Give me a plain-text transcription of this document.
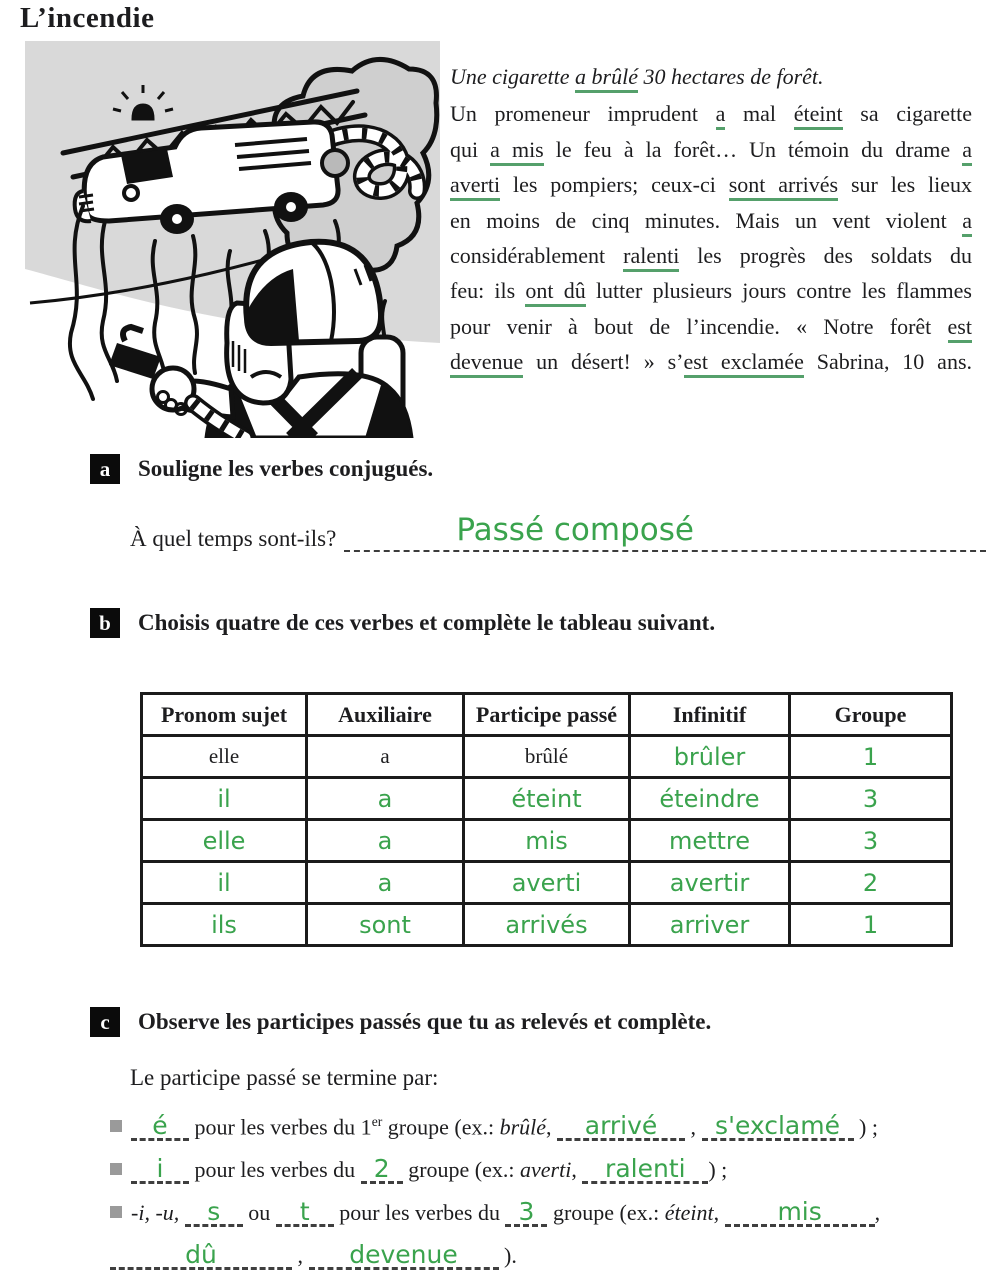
L’incendie
Une cigarette a brûlé 30 hectares de forêt.
Un promeneur imprudent a mal éteint sa cigarette
qui a mis le feu à la forêt… Un témoin du drame a
averti les pompiers; ceux-ci sont arrivés sur les lieux
en moins de cinq minutes. Mais un vent violent a
considérablement ralenti les progrès des soldats du
feu: ils ont dû lutter plusieurs jours contre les flammes
pour venir à bout de l’incendie. « Notre forêt est
devenue un désert! » s’est exclamée Sabrina, 10 ans.
a	Souligne les verbes conjugués.
À quel temps sont-ils?	Passé composé
b	Choisis quatre de ces verbes et complète le tableau suivant.
Pronom sujet	Auxiliaire	Participe passé	Infinitif	Groupe
elle	a	brûlé	brûler	1
il	a	éteint	éteindre	3
elle	a	mis	mettre	3
il	a	averti	avertir	2
ils	sont	arrivés	arriver	1
c	Observe les participes passés que tu as relevés et complète.
Le participe passé se termine par:
é pour les verbes du 1er groupe (ex.: brûlé, arrivé , s'exclamé ) ;
i pour les verbes du 2 groupe (ex.: averti, ralenti ) ;
-i, -u, s ou t pour les verbes du 3 groupe (ex.: éteint, mis ,
dû	, devenue ).
